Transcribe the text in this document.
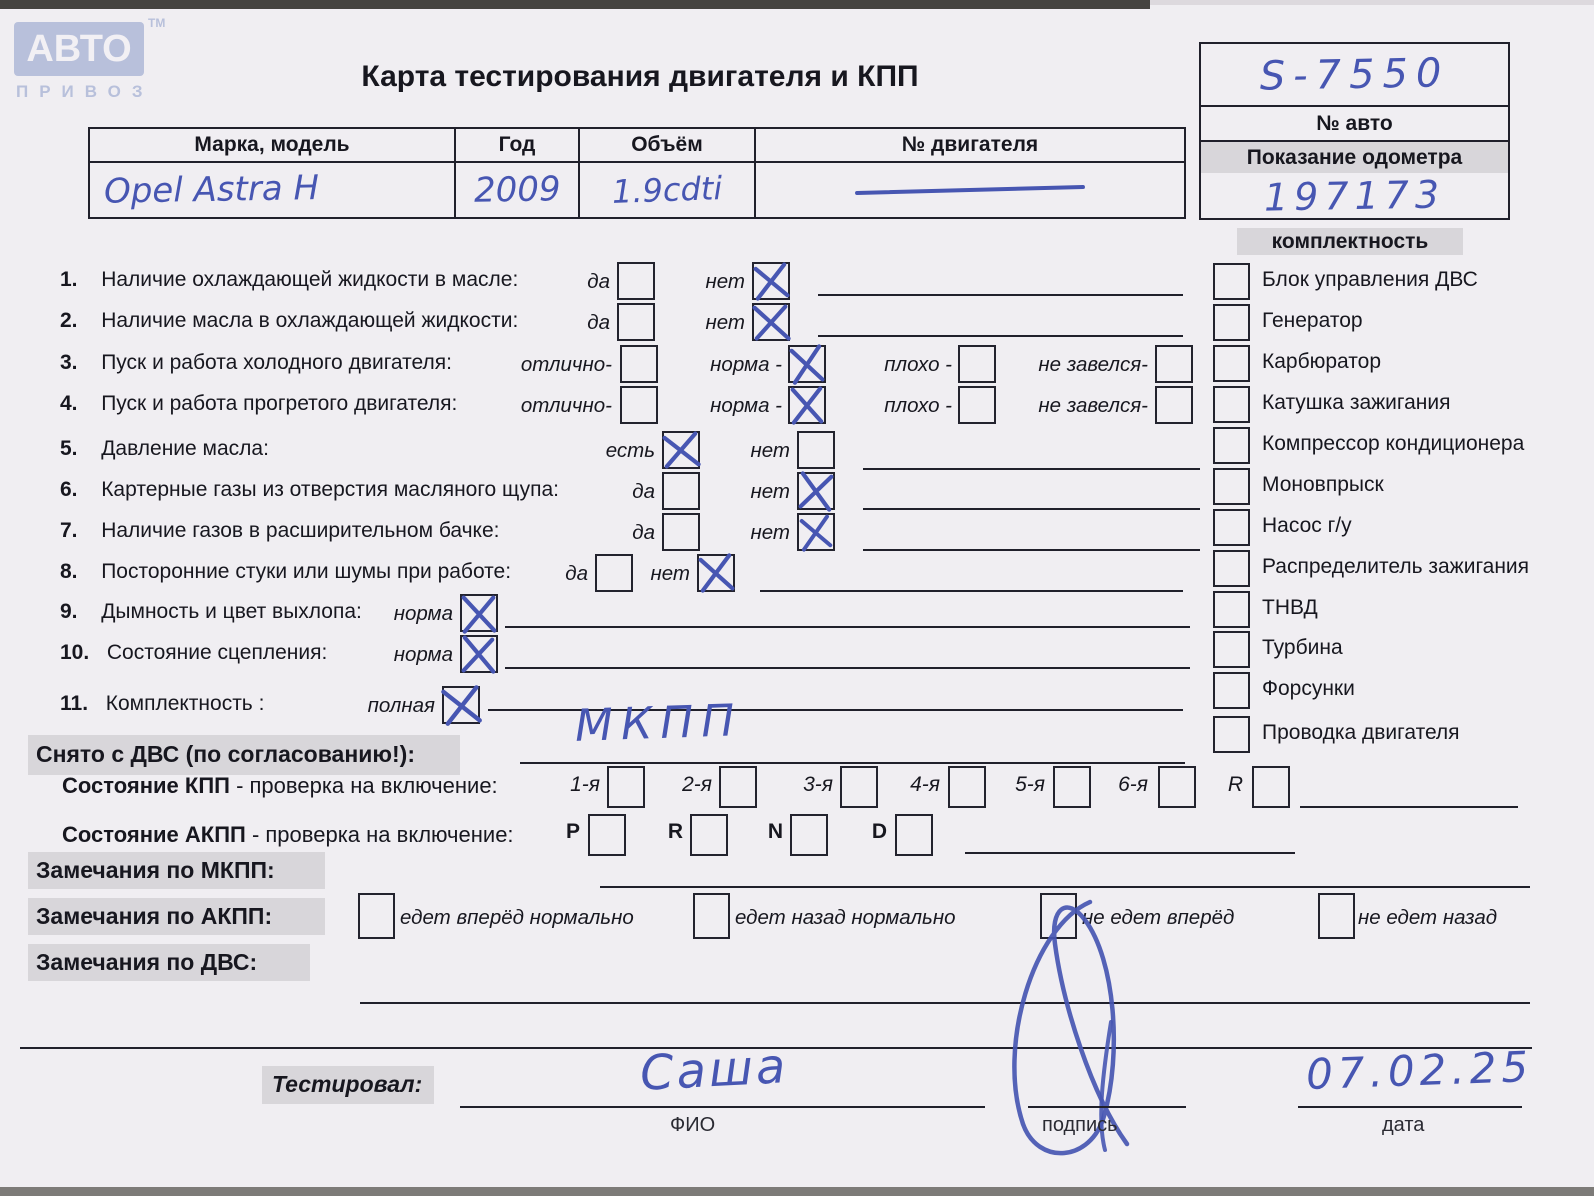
АВТО
ТМ
ПРИВОЗ	Карта тестирования двигателя и КПП	S-7550
№ авто
Показание одометра
197173
Марка, модель	Год	Объём	№ двигателя
Opel Astra H	2009 1.9cdti
комплектность
Блок управления ДВС
Генератор
Карбюратор
Катушка зажигания
Компрессор кондиционера
Моновпрыск
Насос г/у
Распределитель зажигания
ТНВД
Турбина
Форсунки
Проводка двигателя
1. Наличие охлаждающей жидкости в масле:	да	нет
2. Наличие масла в охлаждающей жидкости:	да	нет
3. Пуск и работа холодного двигателя:	отлично-	норма -	плохо -	не завелся-
4. Пуск и работа прогретого двигателя:	отлично-	норма -	плохо -	не завелся-
5. Давление масла:	есть	нет
6. Картерные газы из отверстия масляного щупа:	да	нет
7. Наличие газов в расширительном бачке:	да	нет
8. Посторонние стуки или шумы при работе:	да	нет
9. Дымность и цвет выхлопа:	норма
10. Состояние сцепления:	норма
11. Комплектность :	полная
Снято с ДВС (по согласованию!):
МКПП
Состояние КПП - проверка на включение:	1-я	2-я	3-я	4-я	5-я	6-я	R
Состояние АКПП - проверка на включение:	P	R	N	D
Замечания по МКПП:
Замечания по АКПП:	едет вперёд нормально	едет назад нормально	не едет вперёд	не едет назад
Замечания по ДВС:
Тестировал:	Саша
ФИО	подпись
07.02.25
дата
